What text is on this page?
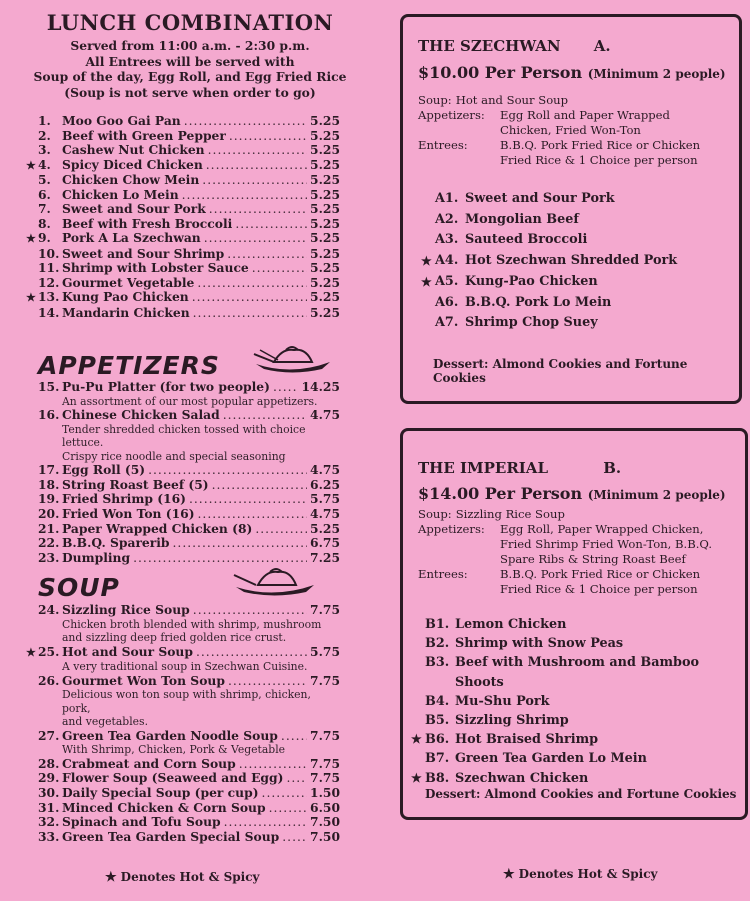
LUNCH COMBINATION
Served from 11:00 a.m. - 2:30 p.m.
All Entrees will be served with
Soup of the day, Egg Roll, and Egg Fried Rice
(Soup is not serve when order to go)
1. Moo Goo Gai Pan .....	5.25
2. Beef with Green Pepper .....	5.25
3. Cashew Nut Chicken .....	5.25
★ 4. Spicy Diced Chicken .....	5.25
5. Chicken Chow Mein .....	5.25
6. Chicken Lo Mein .....	5.25
7. Sweet and Sour Pork .....	5.25
8. Beef with Fresh Broccoli .....	5.25
★ 9. Pork A La Szechwan .....	5.25
10. Sweet and Sour Shrimp .....	5.25
11. Shrimp with Lobster Sauce .....	5.25
12. Gourmet Vegetable .....	5.25
★ 13. Kung Pao Chicken .....	5.25
14. Mandarin Chicken .....	5.25
APPETIZERS
15. Pu-Pu Platter (for two people) .....	14.25
An assortment of our most popular appetizers.
16. Chinese Chicken Salad .....	4.75
Tender shredded chicken tossed with choice lettuce.
Crispy rice noodle and special seasoning
17. Egg Roll (5) .....	4.75
18. String Roast Beef (5) .....	6.25
19. Fried Shrimp (16) .....	5.75
20. Fried Won Ton (16) .....	4.75
21. Paper Wrapped Chicken (8) .....	5.25
22. B.B.Q. Sparerib .....	6.75
23. Dumpling .....	7.25
SOUP
24. Sizzling Rice Soup .....	7.75
Chicken broth blended with shrimp, mushroom
and sizzling deep fried golden rice crust.
★ 25. Hot and Sour Soup .....	5.75
A very traditional soup in Szechwan Cuisine.
26. Gourmet Won Ton Soup .....	7.75
Delicious won ton soup with shrimp, chicken, pork,
and vegetables.
27. Green Tea Garden Noodle Soup .....	7.75
With Shrimp, Chicken, Pork & Vegetable
28. Crabmeat and Corn Soup .....	7.75
29. Flower Soup (Seaweed and Egg) ..... 7.75
30. Daily Special Soup (per cup) .....	1.50
31. Minced Chicken & Corn Soup .....	6.50
32. Spinach and Tofu Soup .....	7.50
33. Green Tea Garden Special Soup .....	7.50
★ Denotes Hot & Spicy
THE SZECHWAN A.
$10.00 Per Person (Minimum 2 people)
Soup: Hot and Sour Soup
Appetizers:	Egg Roll and Paper Wrapped
Chicken, Fried Won-Ton
Entrees:	B.B.Q. Pork Fried Rice or Chicken
Fried Rice & 1 Choice per person
A1. Sweet and Sour Pork
A2. Mongolian Beef
A3. Sauteed Broccoli
★ A4. Hot Szechwan Shredded Pork
★ A5. Kung-Pao Chicken
A6. B.B.Q. Pork Lo Mein
A7. Shrimp Chop Suey
Dessert: Almond Cookies and Fortune Cookies
THE IMPERIAL	B.
$14.00 Per Person (Minimum 2 people)
Soup: Sizzling Rice Soup
Appetizers:	Egg Roll, Paper Wrapped Chicken,
Fried Shrimp Fried Won-Ton, B.B.Q.
Spare Ribs & String Roast Beef
Entrees:	B.B.Q. Pork Fried Rice or Chicken
Fried Rice & 1 Choice per person
B1. Lemon Chicken
B2. Shrimp with Snow Peas
B3. Beef with Mushroom and Bamboo Shoots
B4. Mu-Shu Pork
B5. Sizzling Shrimp
★ B6. Hot Braised Shrimp
B7. Green Tea Garden Lo Mein
★ B8. Szechwan Chicken
Dessert: Almond Cookies and Fortune Cookies
★ Denotes Hot & Spicy
